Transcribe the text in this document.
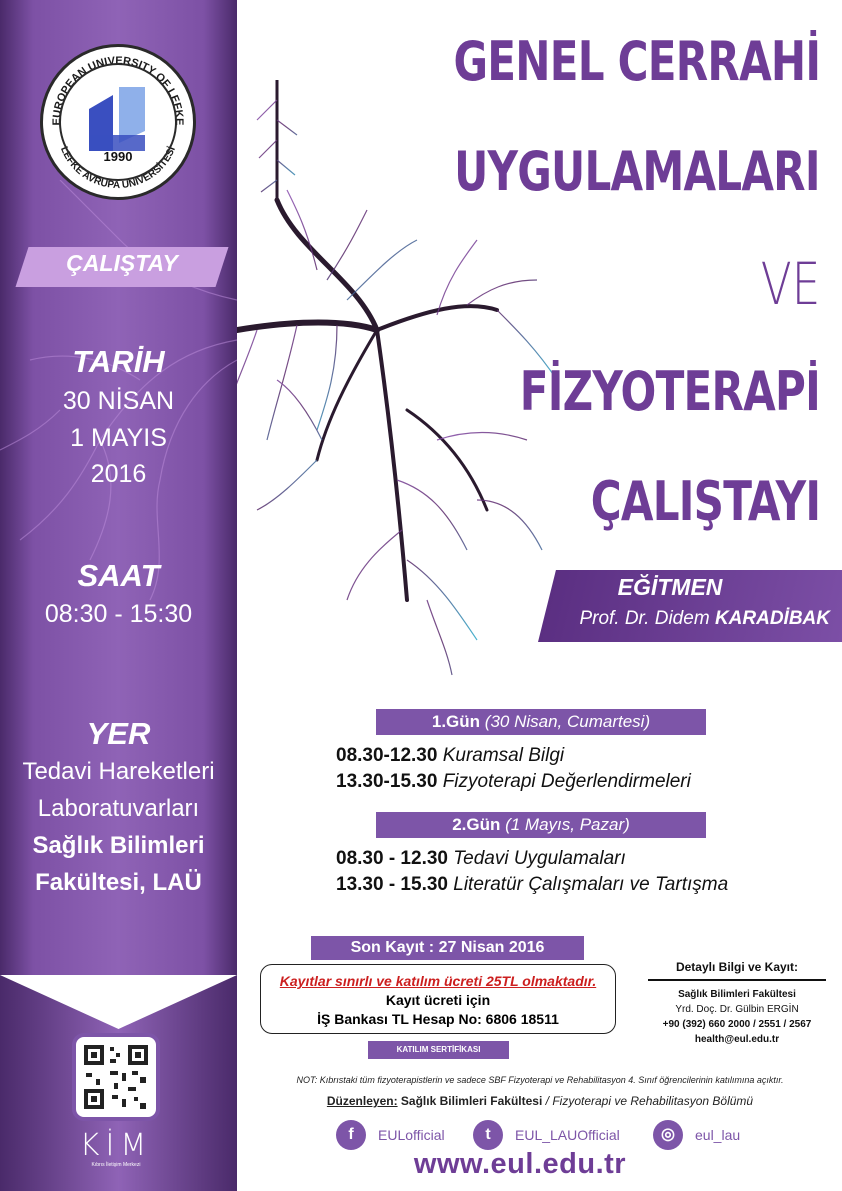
EUROPEAN UNIVERSITY OF LEFKE
LEFKE AVRUPA ÜNİVERSİTESİ
1990
ÇALIŞTAY
TARİH
30 NİSAN
1 MAYIS
2016
SAAT
08:30 - 15:30
YER
Tedavi Hareketleri
Laboratuvarları
Sağlık Bilimleri
Fakültesi, LAÜ
KİM
Kıbrıs İletişim Merkezi
GENEL CERRAHİ
UYGULAMALARI
VE
FİZYOTERAPİ
ÇALIŞTAYI
EĞİTMEN
Prof. Dr. Didem KARADİBAK
1.Gün (30 Nisan, Cumartesi)
08.30-12.30 Kuramsal Bilgi
13.30-15.30 Fizyoterapi Değerlendirmeleri
2.Gün (1 Mayıs, Pazar)
08.30 - 12.30 Tedavi Uygulamaları
13.30 - 15.30 Literatür Çalışmaları ve Tartışma
Son Kayıt : 27 Nisan 2016
Kayıtlar sınırlı ve katılım ücreti 25TL olmaktadır.
Kayıt ücreti için
İŞ Bankası TL Hesap No: 6806 18511
KATILIM SERTİFİKASI VERİLECEKTİR.
Detaylı Bilgi ve Kayıt:
Sağlık Bilimleri Fakültesi
Yrd. Doç. Dr. Gülbin ERGİN
+90 (392) 660 2000 / 2551 / 2567
health@eul.edu.tr
NOT: Kıbrıstaki tüm fizyoterapistlerin ve sadece SBF Fizyoterapi ve Rehabilitasyon 4. Sınıf öğrencilerinin katılımına açıktır.
Düzenleyen: Sağlık Bilimleri Fakültesi / Fizyoterapi ve Rehabilitasyon Bölümü
f	EULofficial	t	EUL_LAUOfficial	◎	eul_lau
www.eul.edu.tr
